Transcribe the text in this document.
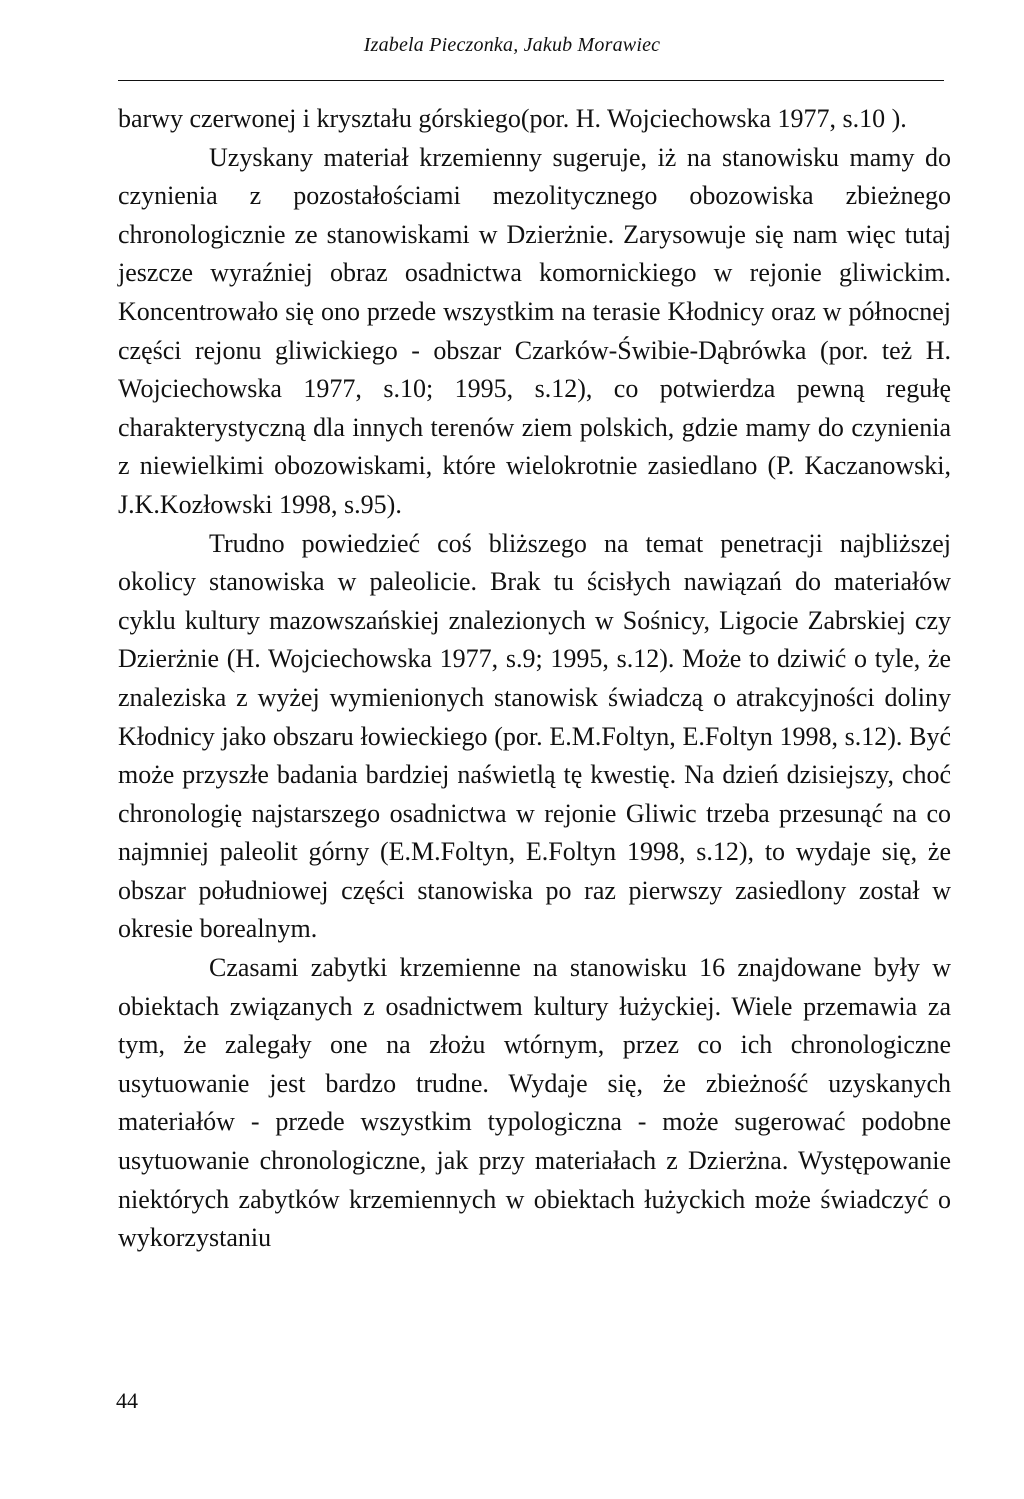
Izabela Pieczonka, Jakub Morawiec

barwy czerwonej i kryształu górskiego(por. H. Wojciechowska 1977, s.10 ).

Uzyskany materiał krzemienny sugeruje, iż na stanowisku mamy do czynienia z pozostałościami mezolitycznego obozowiska zbieżnego chronologicznie ze stanowiskami w Dzierżnie. Zarysowuje się nam więc tutaj jeszcze wyraźniej obraz osadnictwa komornickiego w rejonie gliwickim. Koncentrowało się ono przede wszystkim na terasie Kłodnicy oraz w północnej części rejonu gliwickiego - obszar Czarków-Świbie-Dąbrówka (por. też H. Wojciechowska 1977, s.10; 1995, s.12), co potwierdza pewną regułę charakterystyczną dla innych terenów ziem polskich, gdzie mamy do czynienia z niewielkimi obozowiskami, które wielokrotnie zasiedlano (P. Kaczanowski, J.K.Kozłowski 1998, s.95).

Trudno powiedzieć coś bliższego na temat penetracji najbliższej okolicy stanowiska w paleolicie. Brak tu ścisłych nawiązań do materiałów cyklu kultury mazowszańskiej znalezionych w Sośnicy, Ligocie Zabrskiej czy Dzierżnie (H. Wojciechowska 1977, s.9; 1995, s.12). Może to dziwić o tyle, że znaleziska z wyżej wymienionych stanowisk świadczą o atrakcyjności doliny Kłodnicy jako obszaru łowieckiego (por. E.M.Foltyn, E.Foltyn 1998, s.12). Być może przyszłe badania bardziej naświetlą tę kwestię. Na dzień dzisiejszy, choć chronologię najstarszego osadnictwa w rejonie Gliwic trzeba przesunąć na co najmniej paleolit górny (E.M.Foltyn, E.Foltyn 1998, s.12), to wydaje się, że obszar południowej części stanowiska po raz pierwszy zasiedlony został w okresie borealnym.

Czasami zabytki krzemienne na stanowisku 16 znajdowane były w obiektach związanych z osadnictwem kultury łużyckiej. Wiele przemawia za tym, że zalegały one na złożu wtórnym, przez co ich chronologiczne usytuowanie jest bardzo trudne. Wydaje się, że zbieżność uzyskanych materiałów - przede wszystkim typologiczna - może sugerować podobne usytuowanie chronologiczne, jak przy materiałach z Dzierżna. Występowanie niektórych zabytków krzemiennych w obiektach łużyckich może świadczyć o wykorzystaniu

44
